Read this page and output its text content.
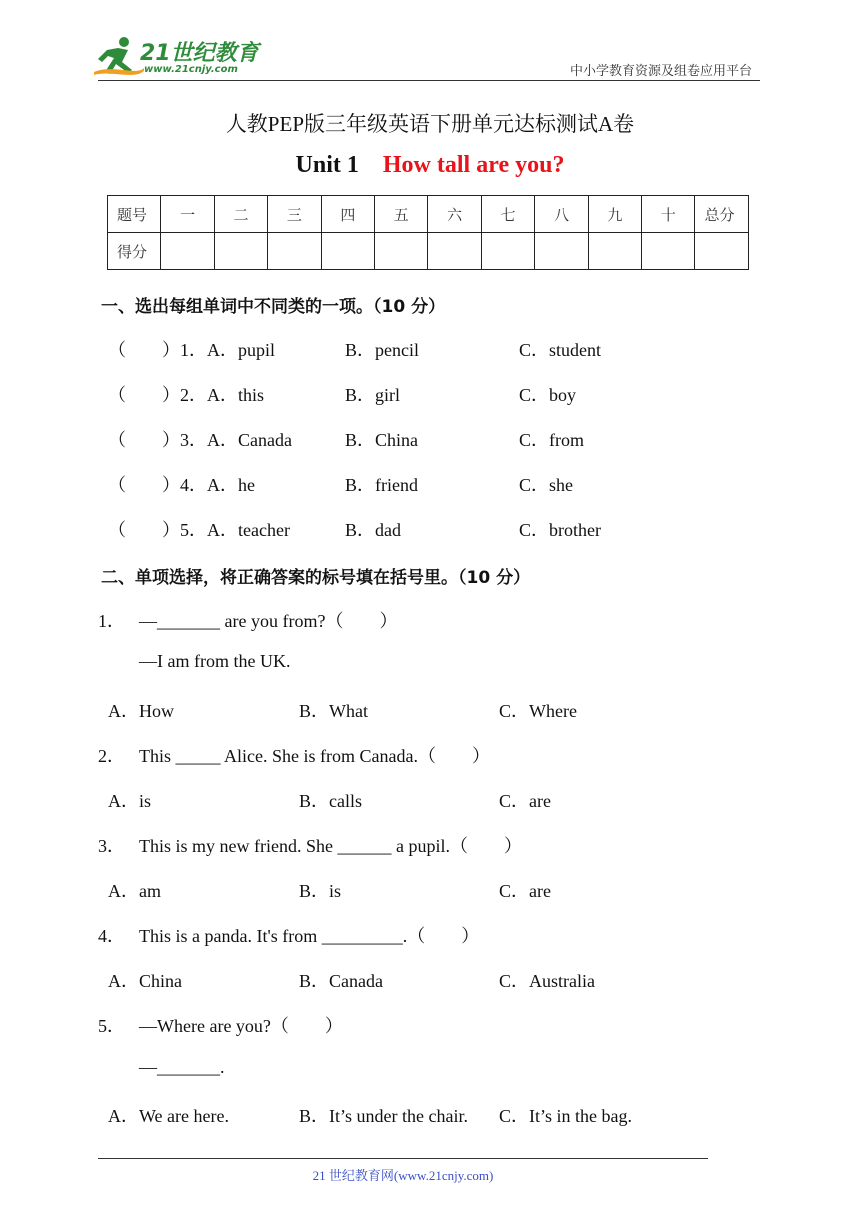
21世纪教育
www.21cnjy.com	中小学教育资源及组卷应用平台
人教PEP版三年级英语下册单元达标测试A卷
Unit 1 How tall are you?
题号	一	二	三	四	五	六	七	八	九	十	总分
得分											
一、选出每组单词中不同类的一项。（10 分）
（　　）1．A．pupil	B．pencil	C．student
（　　）2．A．this	B．girl	C．boy
（　　）3．A．Canada	B．China	C．from
（　　）4．A．he	B．friend	C．she
（　　）5．A．teacher	B．dad	C．brother
二、单项选择，将正确答案的标号填在括号里。（10 分）
1． —_______ are you from?（　　）
—I am from the UK.
A．How	B．What	C．Where
2． This _____ Alice. She is from Canada.（　　）
A．is	B．calls	C．are
3． This is my new friend. She ______ a pupil.（　　）
A．am	B．is	C．are
4． This is a panda. It's from _________.（　　）
A．China	B．Canada	C．Australia
5． —Where are you?（　　）
—_______.
A．We are here.	B．It’s under the chair. C．It’s in the bag.
21 世纪教育网(www.21cnjy.com)
